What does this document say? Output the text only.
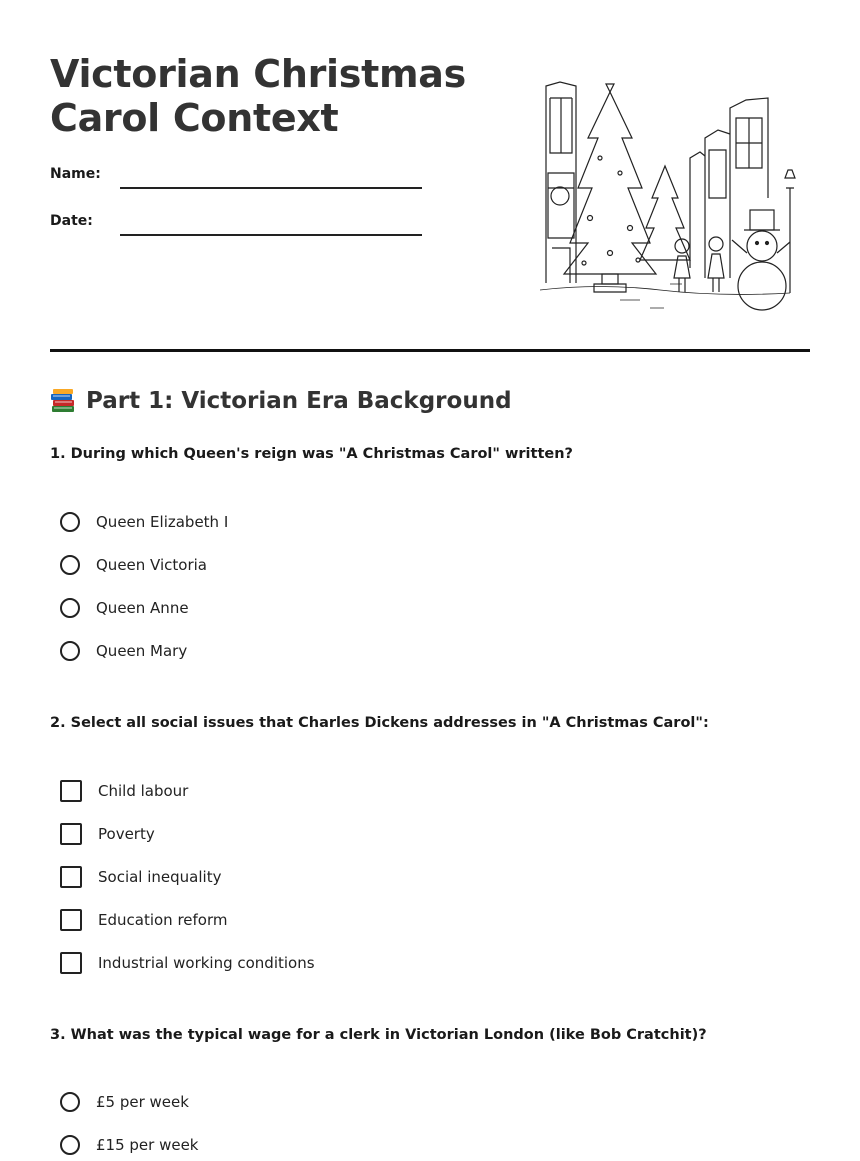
Victorian Christmas
Carol Context
Name:
Date:
Part 1: Victorian Era Background

1. During which Queen's reign was "A Christmas Carol" written?

Queen Elizabeth I
Queen Victoria
Queen Anne
Queen Mary

2. Select all social issues that Charles Dickens addresses in "A Christmas Carol":

Child labour
Poverty
Social inequality
Education reform
Industrial working conditions

3. What was the typical wage for a clerk in Victorian London (like Bob Cratchit)?

£5 per week
£15 per week
